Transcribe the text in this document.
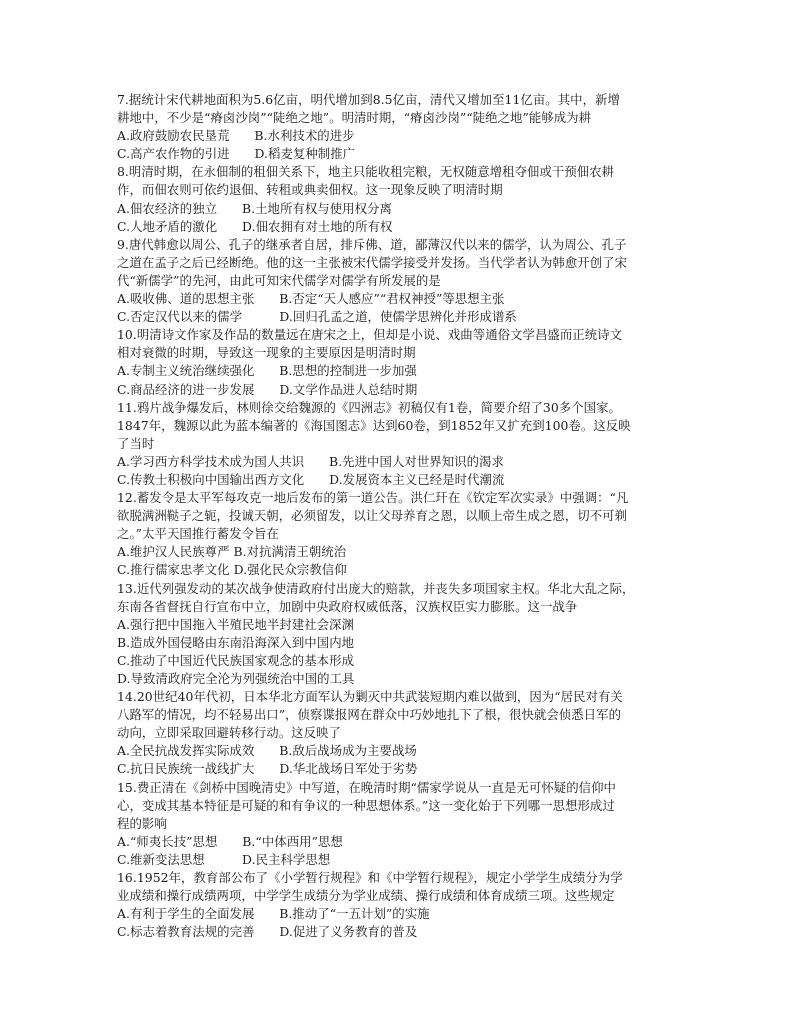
7.据统计宋代耕地面积为5.6亿亩，明代增加到8.5亿亩，清代又增加至11亿亩。其中，新增
耕地中，不少是“瘠卤沙岗”“陡绝之地”。明清时期，“瘠卤沙岗”“陡绝之地”能够成为耕
A.政府鼓励农民垦荒　　B.水利技术的进步
C.高产农作物的引进　　D.稻麦复种制推广
8.明清时期，在永佃制的租佃关系下，地主只能收租完粮，无权随意增租夺佃或干预佃农耕
作，而佃农则可依约退佃、转租或典卖佃权。这一现象反映了明清时期
A.佃农经济的独立　　B.土地所有权与使用权分离
C.人地矛盾的激化　　D.佃农拥有对土地的所有权
9.唐代韩愈以周公、孔子的继承者自居，排斥佛、道，鄙薄汉代以来的儒学，认为周公、孔子
之道在孟子之后已经断绝。他的这一主张被宋代儒学接受并发扬。当代学者认为韩愈开创了宋
代“新儒学”的先河，由此可知宋代儒学对儒学有所发展的是
A.吸收佛、道的思想主张　　B.否定“天人感应”“君权神授”等思想主张
C.否定汉代以来的儒学　　　D.回归孔孟之道，使儒学思辨化并形成谱系
10.明清诗文作家及作品的数量远在唐宋之上，但却是小说、戏曲等通俗文学昌盛而正统诗文
相对衰微的时期，导致这一现象的主要原因是明清时期
A.专制主义统治继续强化　　B.思想的控制进一步加强
C.商品经济的进一步发展　　D.文学作品进人总结时期
11.鸦片战争爆发后，林则徐交给魏源的《四洲志》初稿仅有1卷，简要介绍了30多个国家。
1847年，魏源以此为蓝本编著的《海国图志》达到60卷，到1852年又扩充到100卷。这反映
了当时
A.学习西方科学技术成为国人共识　　B.先进中国人对世界知识的渴求
C.传教士积极向中国输出西方文化　　D.发展资本主义已经是时代潮流
12.蓄发令是太平军每攻克一地后发布的第一道公告。洪仁玕在《钦定军次实录》中强调：“凡
欲脱满洲鞑子之轭，投诚天朝，必须留发，以让父母养育之恩，以顺上帝生成之恩，切不可剃
之。”太平天国推行蓄发令旨在
A.维护汉人民族尊严 B.对抗满清王朝统治
C.推行儒家忠孝文化 D.强化民众宗教信仰
13.近代列强发动的某次战争使清政府付出庞大的赔款，并丧失多项国家主权。华北大乱之际，
东南各省督抚自行宣布中立，加剧中央政府权威低落，汉族权臣实力膨胀。这一战争
A.强行把中国拖入半殖民地半封建社会深渊
B.造成外国侵略由东南沿海深入到中国内地
C.推动了中国近代民族国家观念的基本形成
D.导致清政府完全沦为列强统治中国的工具
14.20世纪40年代初，日本华北方面军认为剿灭中共武装短期内难以做到，因为“居民对有关
八路军的情况，均不轻易出口”，侦察谍报网在群众中巧妙地扎下了根，很快就会侦悉日军的
动向，立即采取回避转移行动。这反映了
A.全民抗战发挥实际成效　　B.敌后战场成为主要战场
C.抗日民族统一战线扩大　　D.华北战场日军处于劣势
15.费正清在《剑桥中国晚清史》中写道，在晚清时期“儒家学说从一直是无可怀疑的信仰中
心，变成其基本特征是可疑的和有争议的一种思想体系。”这一变化始于下列哪一思想形成过
程的影响
A.“师夷长技”思想　　B.“中体西用”思想
C.维新变法思想　　　D.民主科学思想
16.1952年，教育部公布了《小学暂行规程》和《中学暂行规程》，规定小学学生成绩分为学
业成绩和操行成绩两项，中学学生成绩分为学业成绩、操行成绩和体育成绩三项。这些规定
A.有利于学生的全面发展　　B.推动了“一五计划”的实施
C.标志着教育法规的完善　　D.促进了义务教育的普及
